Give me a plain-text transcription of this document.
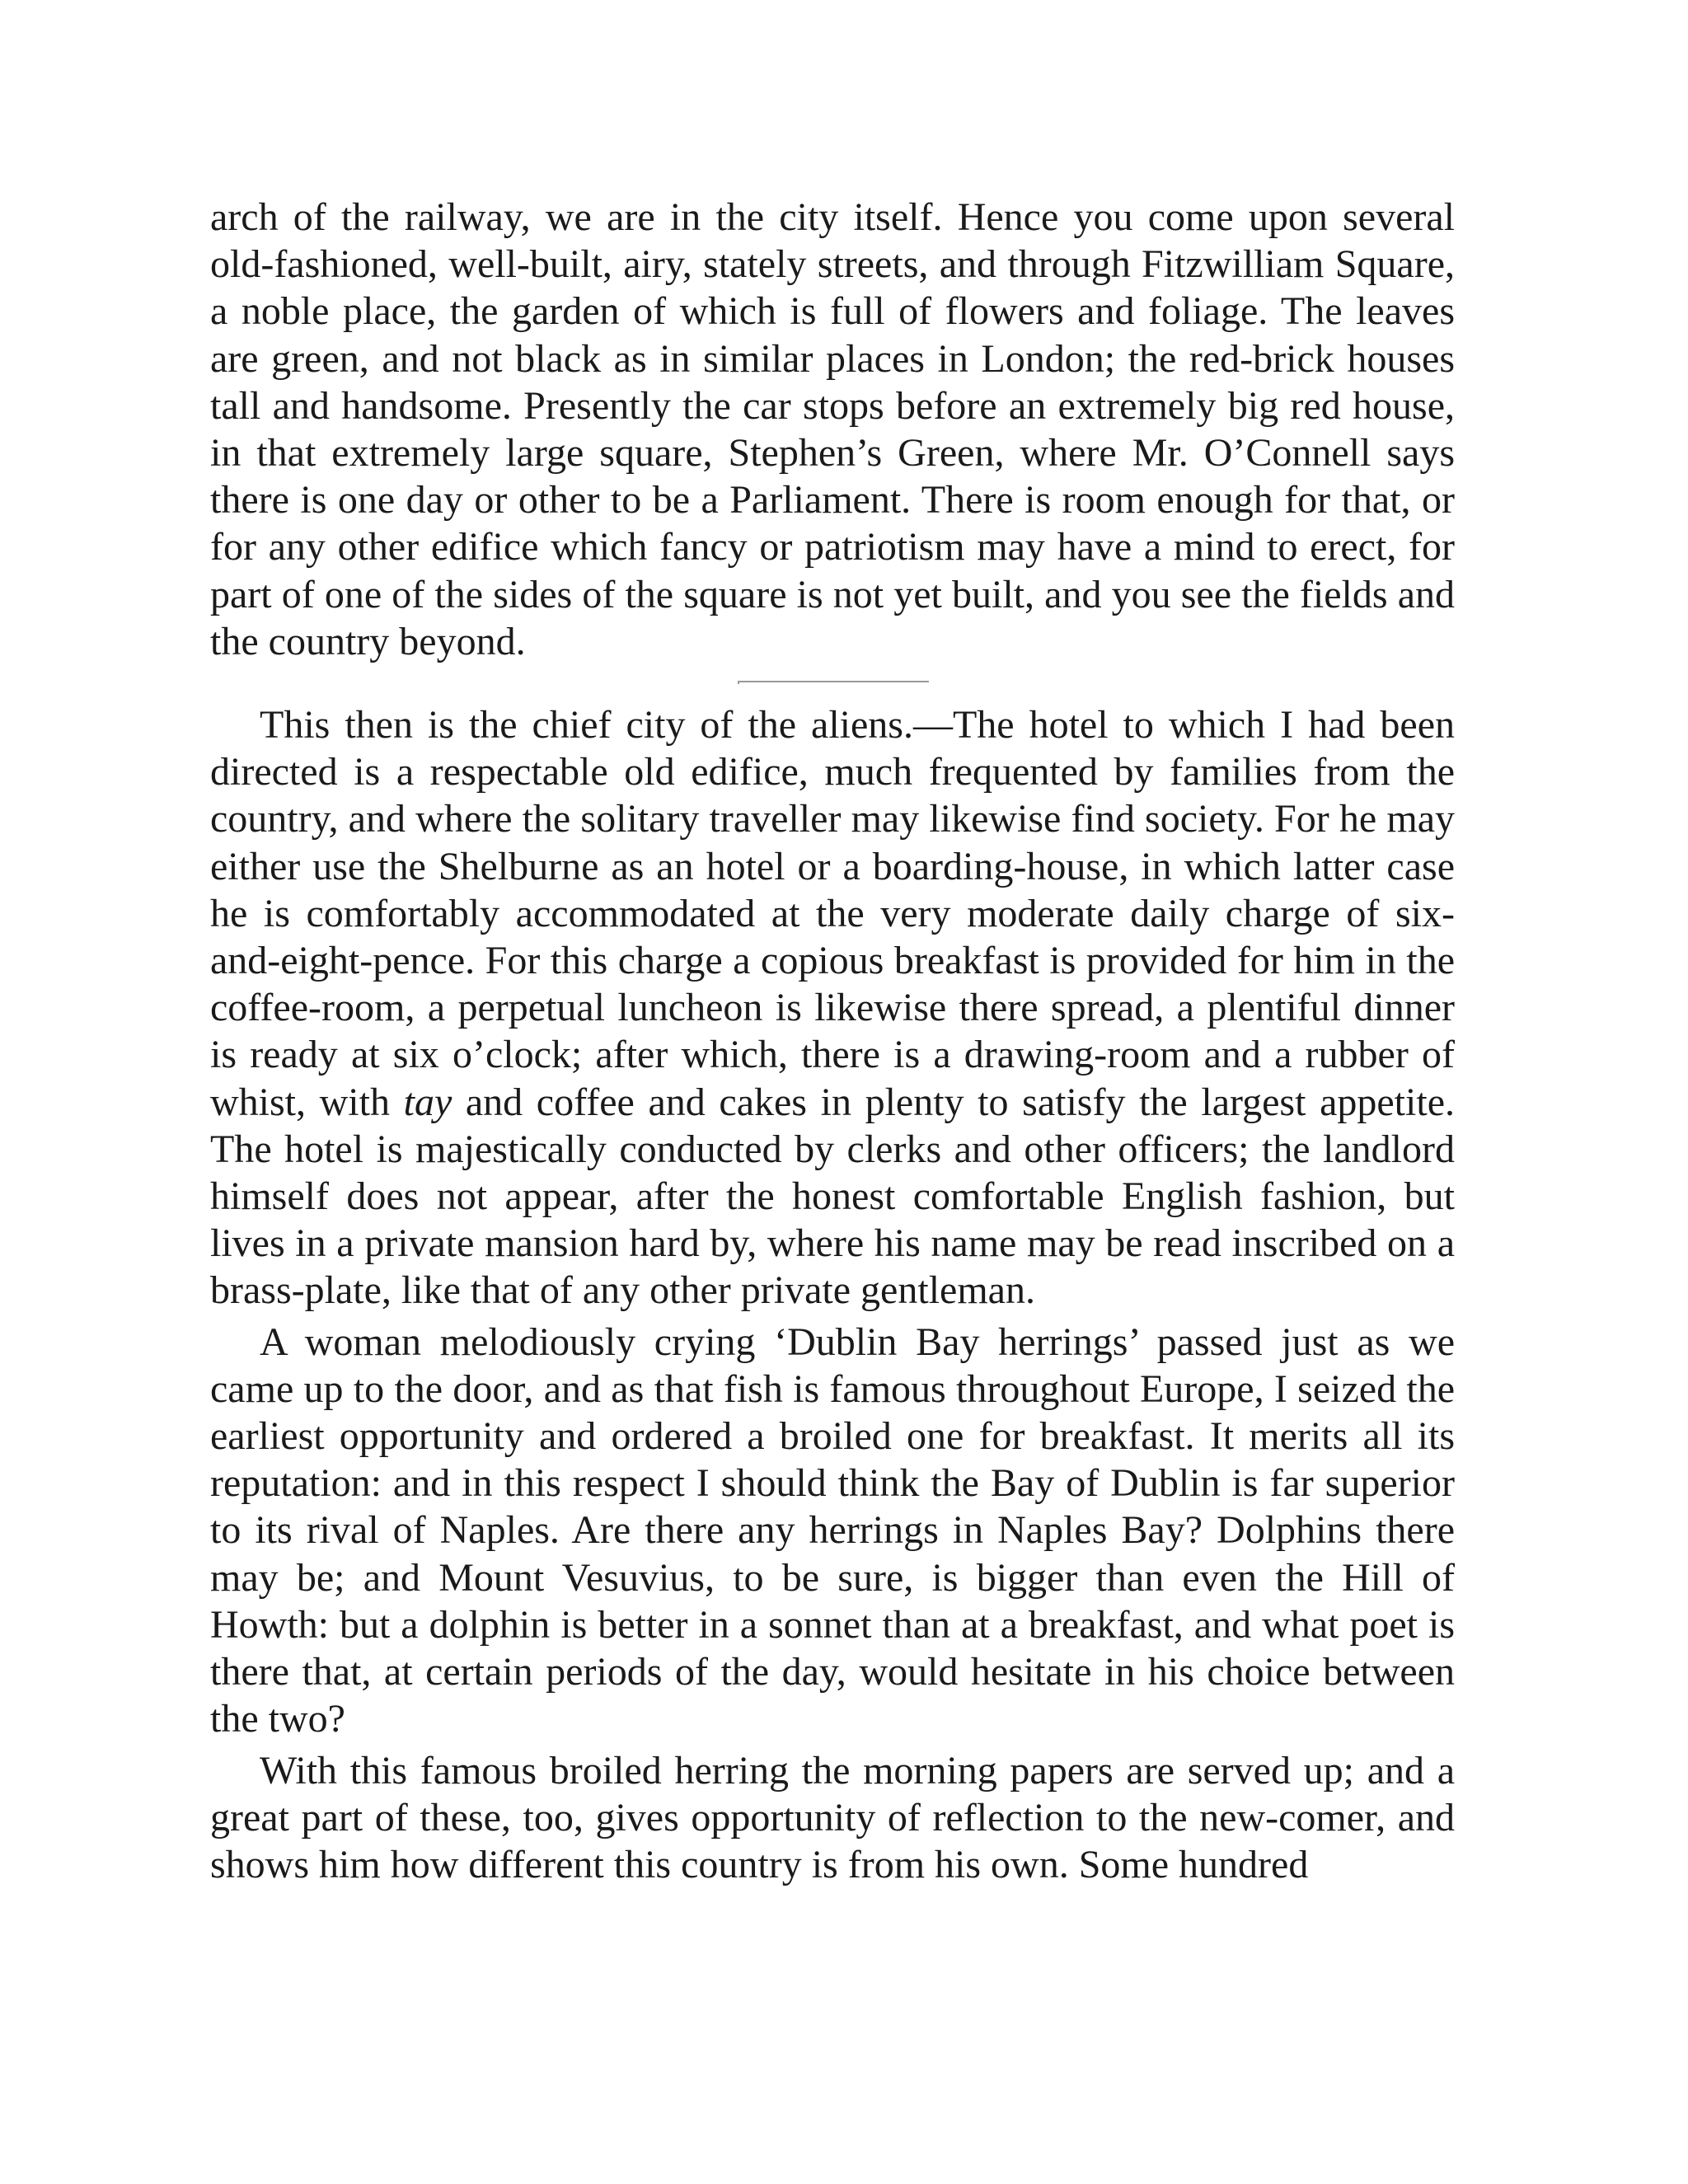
arch of the railway, we are in the city itself. Hence you come upon several old-fashioned, well-built, airy, stately streets, and through Fitzwilliam Square, a noble place, the garden of which is full of flowers and foliage. The leaves are green, and not black as in similar places in London; the red-brick houses tall and handsome. Presently the car stops before an extremely big red house, in that extremely large square, Stephen’s Green, where Mr. O’Connell says there is one day or other to be a Parliament. There is room enough for that, or for any other edifice which fancy or patriotism may have a mind to erect, for part of one of the sides of the square is not yet built, and you see the fields and the country beyond.

This then is the chief city of the aliens.—The hotel to which I had been directed is a respectable old edifice, much frequented by families from the country, and where the solitary traveller may likewise find society. For he may either use the Shelburne as an hotel or a boarding-house, in which latter case he is comfortably accommodated at the very moderate daily charge of six-and-eight-pence. For this charge a copious breakfast is provided for him in the coffee-room, a perpetual luncheon is likewise there spread, a plentiful dinner is ready at six o’clock; after which, there is a drawing-room and a rubber of whist, with tay and coffee and cakes in plenty to satisfy the largest appetite. The hotel is majestically conducted by clerks and other officers; the landlord himself does not appear, after the honest comfortable English fashion, but lives in a private mansion hard by, where his name may be read inscribed on a brass-plate, like that of any other private gentleman.

A woman melodiously crying ‘Dublin Bay herrings’ passed just as we came up to the door, and as that fish is famous throughout Europe, I seized the earliest opportunity and ordered a broiled one for breakfast. It merits all its reputation: and in this respect I should think the Bay of Dublin is far superior to its rival of Naples. Are there any herrings in Naples Bay? Dolphins there may be; and Mount Vesuvius, to be sure, is bigger than even the Hill of Howth: but a dolphin is better in a sonnet than at a breakfast, and what poet is there that, at certain periods of the day, would hesitate in his choice between the two?

With this famous broiled herring the morning papers are served up; and a great part of these, too, gives opportunity of reflection to the new-comer, and shows him how different this country is from his own. Some hundred
